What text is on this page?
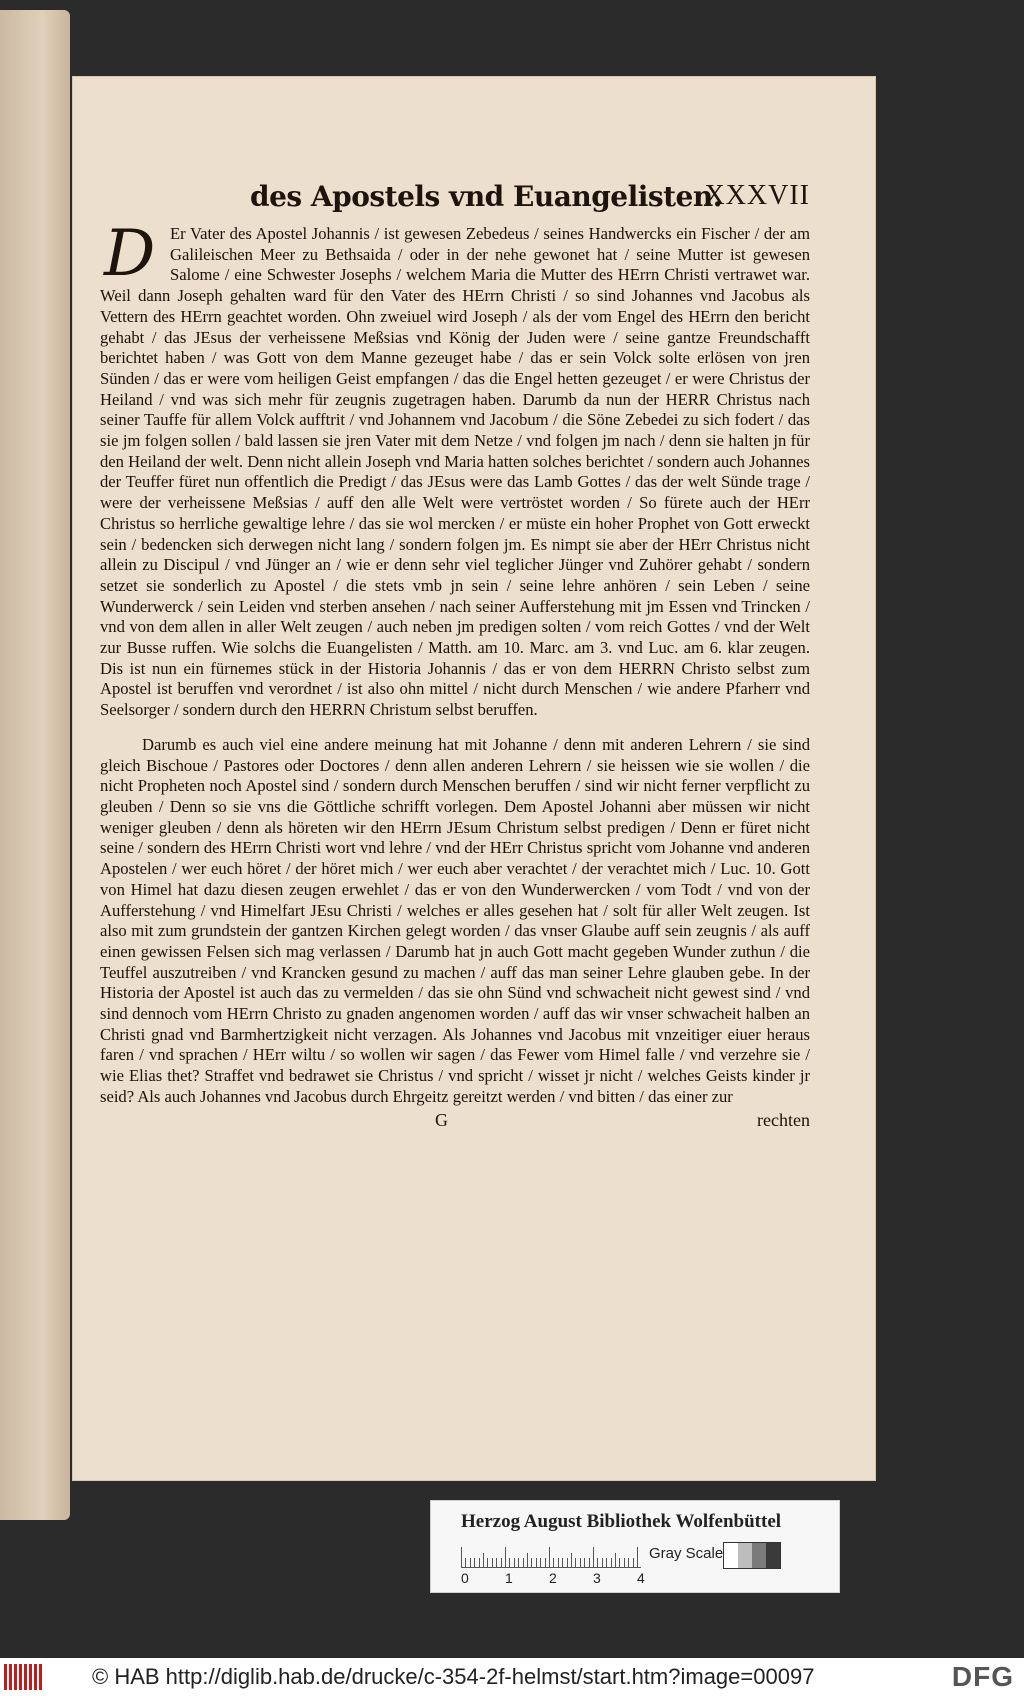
des Apostels vnd Euangelisten.
XXXVII

D Er Vater des Apostel Johannis / ist gewesen Zebedeus / seines Handwercks ein Fischer / der am Galileischen Meer zu Bethsaida / oder in der nehe gewonet hat / seine Mutter ist gewesen Salome / eine Schwester Josephs / welchem Maria die Mutter des HErrn Christi vertrawet war. Weil dann Joseph gehalten ward für den Vater des HErrn Christi / so sind Johannes vnd Jacobus als Vettern des HErrn geachtet worden. Ohn zweiuel wird Joseph / als der vom Engel des HErrn den bericht gehabt / das JEsus der verheissene Meßsias vnd König der Juden were / seine gantze Freundschafft berichtet haben / was Gott von dem Manne gezeuget habe / das er sein Volck solte erlösen von jren Sünden / das er were vom heiligen Geist empfangen / das die Engel hetten gezeuget / er were Christus der Heiland / vnd was sich mehr für zeugnis zugetragen haben. Darumb da nun der HERR Christus nach seiner Tauffe für allem Volck aufftrit / vnd Johannem vnd Jacobum / die Söne Zebedei zu sich fodert / das sie jm folgen sollen / bald lassen sie jren Vater mit dem Netze / vnd folgen jm nach / denn sie halten jn für den Heiland der welt. Denn nicht allein Joseph vnd Maria hatten solches berichtet / sondern auch Johannes der Teuffer füret nun offentlich die Predigt / das JEsus were das Lamb Gottes / das der welt Sünde trage / were der verheissene Meßsias / auff den alle Welt were vertröstet worden / So fürete auch der HErr Christus so herrliche gewaltige lehre / das sie wol mercken / er müste ein hoher Prophet von Gott erweckt sein / bedencken sich derwegen nicht lang / sondern folgen jm. Es nimpt sie aber der HErr Christus nicht allein zu Discipul / vnd Jünger an / wie er denn sehr viel teglicher Jünger vnd Zuhörer gehabt / sondern setzet sie sonderlich zu Apostel / die stets vmb jn sein / seine lehre anhören / sein Leben / seine Wunderwerck / sein Leiden vnd sterben ansehen / nach seiner Aufferstehung mit jm Essen vnd Trincken / vnd von dem allen in aller Welt zeugen / auch neben jm predigen solten / vom reich Gottes / vnd der Welt zur Busse ruffen. Wie solchs die Euangelisten / Matth. am 10. Marc. am 3. vnd Luc. am 6. klar zeugen. Dis ist nun ein fürnemes stück in der Historia Johannis / das er von dem HERRN Christo selbst zum Apostel ist beruffen vnd verordnet / ist also ohn mittel / nicht durch Menschen / wie andere Pfarherr vnd Seelsorger / sondern durch den HERRN Christum selbst beruffen.

Darumb es auch viel eine andere meinung hat mit Johanne / denn mit anderen Lehrern / sie sind gleich Bischoue / Pastores oder Doctores / denn allen anderen Lehrern / sie heissen wie sie wollen / die nicht Propheten noch Apostel sind / sondern durch Menschen beruffen / sind wir nicht ferner verpflicht zu gleuben / Denn so sie vns die Göttliche schrifft vorlegen. Dem Apostel Johanni aber müssen wir nicht weniger gleuben / denn als höreten wir den HErrn JEsum Christum selbst predigen / Denn er füret nicht seine / sondern des HErrn Christi wort vnd lehre / vnd der HErr Christus spricht vom Johanne vnd anderen Apostelen / wer euch höret / der höret mich / wer euch aber verachtet / der verachtet mich / Luc. 10. Gott von Himel hat dazu diesen zeugen erwehlet / das er von den Wunderwercken / vom Todt / vnd von der Aufferstehung / vnd Himelfart JEsu Christi / welches er alles gesehen hat / solt für aller Welt zeugen. Ist also mit zum grundstein der gantzen Kirchen gelegt worden / das vnser Glaube auff sein zeugnis / als auff einen gewissen Felsen sich mag verlassen / Darumb hat jn auch Gott macht gegeben Wunder zuthun / die Teuffel auszutreiben / vnd Krancken gesund zu machen / auff das man seiner Lehre glauben gebe. In der Historia der Apostel ist auch das zu vermelden / das sie ohn Sünd vnd schwacheit nicht gewest sind / vnd sind dennoch vom HErrn Christo zu gnaden angenomen worden / auff das wir vnser schwacheit halben an Christi gnad vnd Barmhertzigkeit nicht verzagen. Als Johannes vnd Jacobus mit vnzeitiger eiuer heraus faren / vnd sprachen / HErr wiltu / so wollen wir sagen / das Fewer vom Himel falle / vnd verzehre sie / wie Elias thet? Straffet vnd bedrawet sie Christus / vnd spricht / wisset jr nicht / welches Geists kinder jr seid? Als auch Johannes vnd Jacobus durch Ehrgeitz gereitzt werden / vnd bitten / das einer zur

G	rechten
Herzog August Bibliothek Wolfenbüttel
0	1	2	3	4
Gray Scale
© HAB http://diglib.hab.de/drucke/c-354-2f-helmst/start.htm?image=00097	DFG
